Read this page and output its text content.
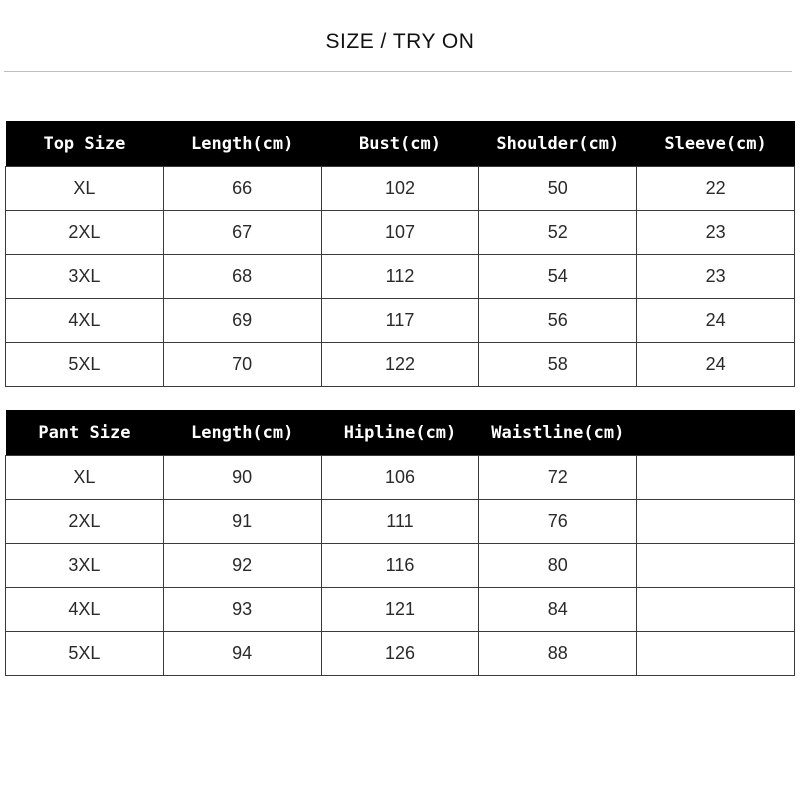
SIZE / TRY ON
Top Size	Length(cm)	Bust(cm)	Shoulder(cm)	Sleeve(cm)
XL	66	102	50	22
2XL	67	107	52	23
3XL	68	112	54	23
4XL	69	117	56	24
5XL	70	122	58	24
Pant Size	Length(cm)	Hipline(cm)	Waistline(cm)	
XL	90	106	72	
2XL	91	111	76	
3XL	92	116	80	
4XL	93	121	84	
5XL	94	126	88	
